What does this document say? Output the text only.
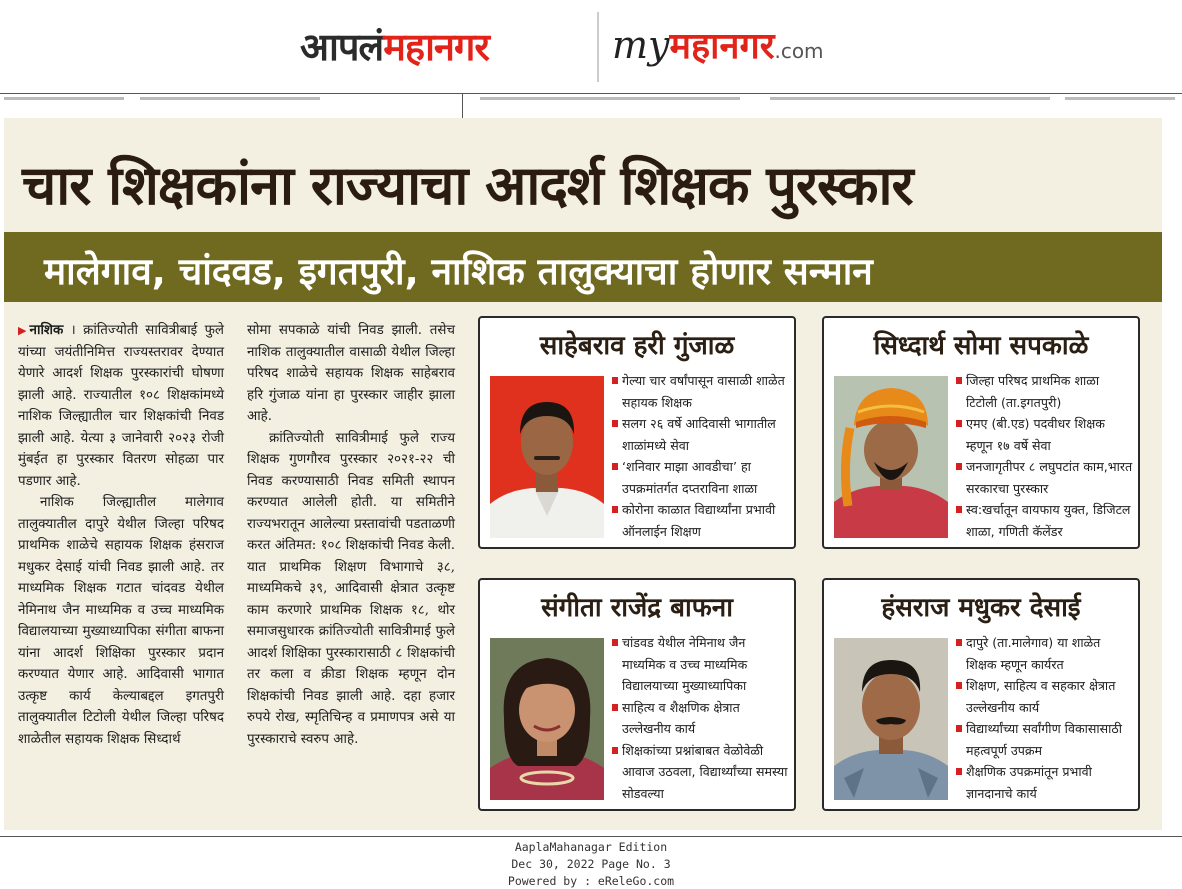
आपलंमहानगर	myमहानगर.com
चार शिक्षकांना राज्याचा आदर्श शिक्षक पुरस्कार
मालेगाव, चांदवड, इगतपुरी, नाशिक तालुक्याचा होणार सन्मान

▶नाशिक । क्रांतिज्योती सावित्रीबाई फुले यांच्या जयंतीनिमित्त राज्यस्तरावर देण्यात येणारे आदर्श शिक्षक पुरस्कारांची घोषणा झाली आहे. राज्यातील १०८ शिक्षकांमध्ये नाशिक जिल्ह्यातील चार शिक्षकांची निवड झाली आहे. येत्या ३ जानेवारी २०२३ रोजी मुंबईत हा पुरस्कार वितरण सोहळा पार पडणार आहे.

नाशिक जिल्ह्यातील मालेगाव तालुक्यातील दापुरे येथील जिल्हा परिषद प्राथमिक शाळेचे सहायक शिक्षक हंसराज मधुकर देसाई यांची निवड झाली आहे. तर माध्यमिक शिक्षक गटात चांदवड येथील नेमिनाथ जैन माध्यमिक व उच्च माध्यमिक विद्यालयाच्या मुख्याध्यापिका संगीता बाफना यांना आदर्श शिक्षिका पुरस्कार प्रदान करण्यात येणार आहे. आदिवासी भागात उत्कृष्ट कार्य केल्याबद्दल इगतपुरी तालुक्यातील टिटोली येथील जिल्हा परिषद शाळेतील सहायक शिक्षक सिध्दार्थ

सोमा सपकाळे यांची निवड झाली. तसेच नाशिक तालुक्यातील वासाळी येथील जिल्हा परिषद शाळेचे सहायक शिक्षक साहेबराव हरि गुंजाळ यांना हा पुरस्कार जाहीर झाला आहे.

क्रांतिज्योती सावित्रीमाई फुले राज्य शिक्षक गुणगौरव पुरस्कार २०२१-२२ ची निवड करण्यासाठी निवड समिती स्थापन करण्यात आलेली होती. या समितीने राज्यभरातून आलेल्या प्रस्तावांची पडताळणी करत अंतिमत: १०८ शिक्षकांची निवड केली. यात प्राथमिक शिक्षण विभागाचे ३८, माध्यमिकचे ३९, आदिवासी क्षेत्रात उत्कृष्ट काम करणारे प्राथमिक शिक्षक १८, थोर समाजसुधारक क्रांतिज्योती सावित्रीमाई फुले आदर्श शिक्षिका पुरस्कारासाठी ८ शिक्षकांची तर कला व क्रीडा शिक्षक म्हणून दोन शिक्षकांची निवड झाली आहे. दहा हजार रुपये रोख, स्मृतिचिन्ह व प्रमाणपत्र असे या पुरस्काराचे स्वरुप आहे.

साहेबराव हरी गुंजाळ
गेल्या चार वर्षांपासून वासाळी शाळेत सहायक शिक्षक
सलग २६ वर्षे आदिवासी भागातील शाळांमध्ये सेवा
‘शनिवार माझा आवडीचा’ हा उपक्रमांतर्गत दप्तराविना शाळा
कोरोना काळात विद्यार्थ्यांना प्रभावी ऑनलाईन शिक्षण
सिध्दार्थ सोमा सपकाळे
जिल्हा परिषद प्राथमिक शाळा टिटोली (ता.इगतपुरी)
एमए (बी.एड) पदवीधर शिक्षक म्हणून १७ वर्षे सेवा
जनजागृतीपर ८ लघुपटांत काम,भारत सरकारचा पुरस्कार
स्व:खर्चातून वायफाय युक्त, डिजिटल शाळा, गणिती कॅलेंडर
संगीता राजेंद्र बाफना
चांडवड येथील नेमिनाथ जैन माध्यमिक व उच्च माध्यमिक विद्यालयाच्या मुख्याध्यापिका
साहित्य व शैक्षणिक क्षेत्रात उल्लेखनीय कार्य
शिक्षकांच्या प्रश्नांबाबत वेळोवेळी आवाज उठवला, विद्यार्थ्यांच्या समस्या सोडवल्या
हंसराज मधुकर देसाई
दापुरे (ता.मालेगाव) या शाळेत शिक्षक म्हणून कार्यरत
शिक्षण, साहित्य व सहकार क्षेत्रात उल्लेखनीय कार्य
विद्यार्थ्यांच्या सर्वांगीण विकासासाठी महत्वपूर्ण उपक्रम
शैक्षणिक उपक्रमांतून प्रभावी ज्ञानदानाचे कार्य
AaplaMahanagar Edition
Dec 30, 2022 Page No. 3
Powered by : eReleGo.com
